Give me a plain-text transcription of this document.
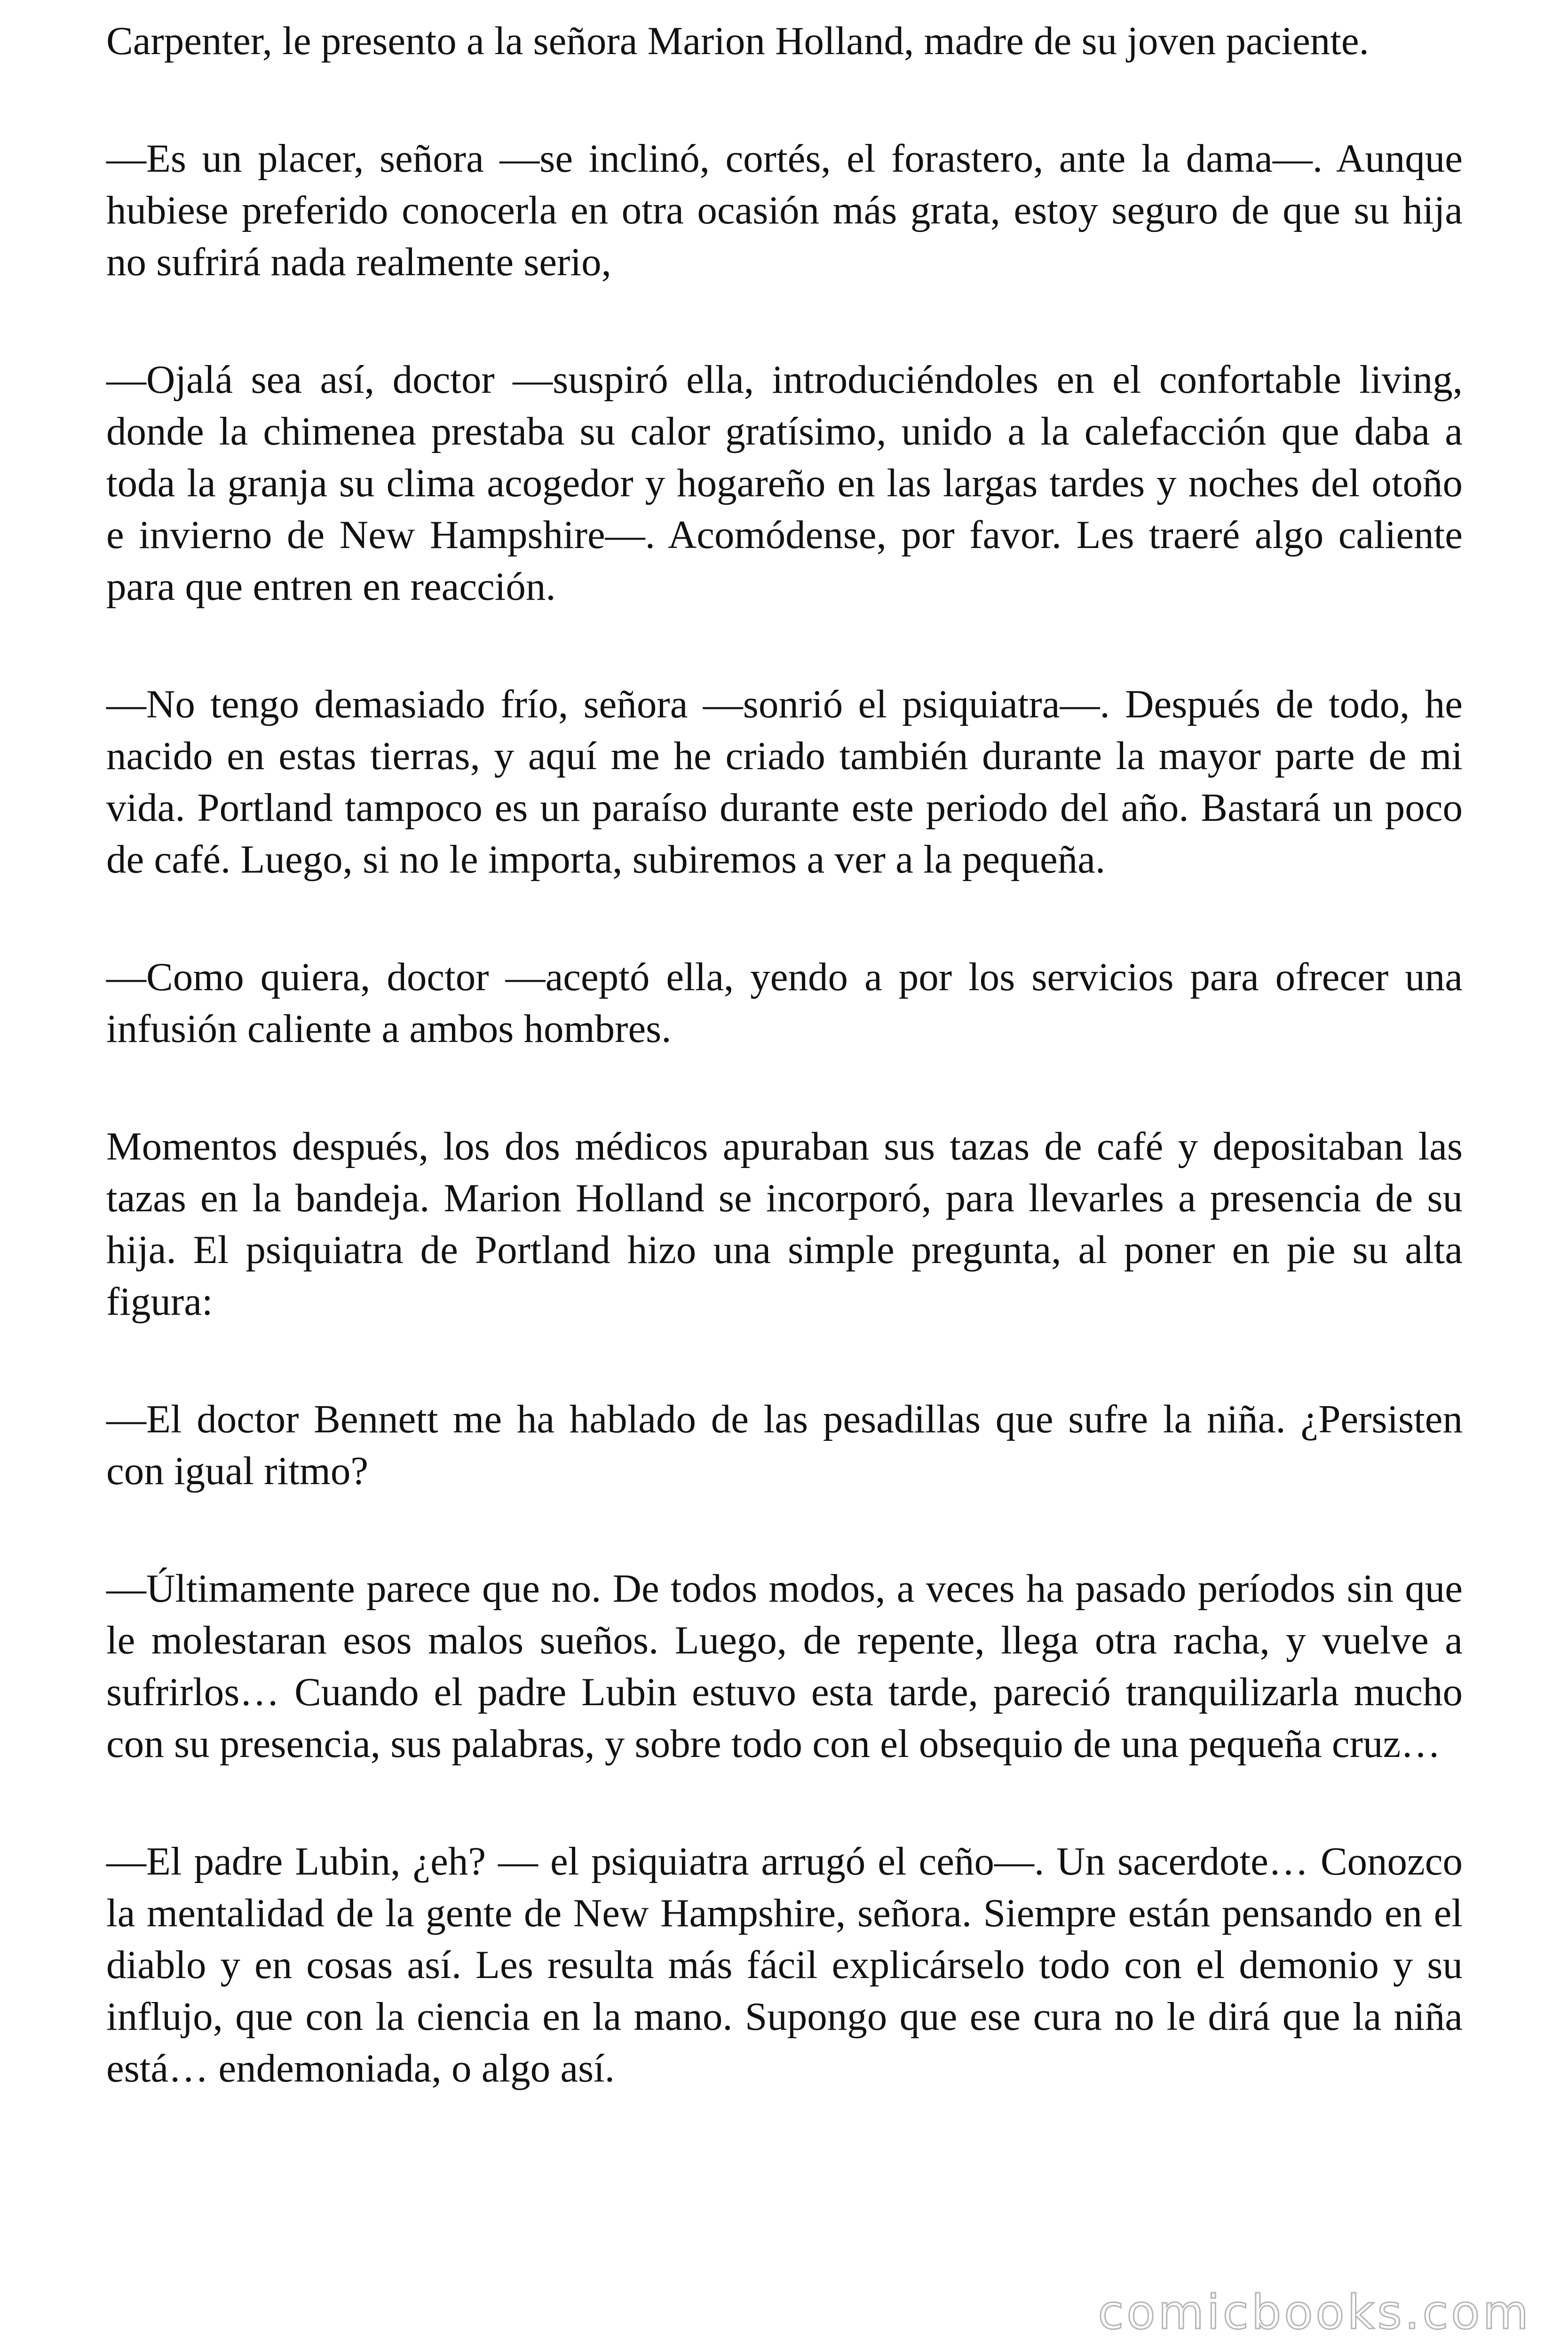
Carpenter, le presento a la señora Marion Holland, madre de su joven paciente.

—Es un placer, señora —se inclinó, cortés, el forastero, ante la dama—. Aunque hubiese preferido conocerla en otra ocasión más grata, estoy seguro de que su hija no sufrirá nada realmente serio,

—Ojalá sea así, doctor —suspiró ella, introduciéndoles en el confortable living, donde la chimenea prestaba su calor gratísimo, unido a la calefacción que daba a toda la granja su clima acogedor y hogareño en las largas tardes y noches del otoño e invierno de New Hampshire—. Acomódense, por favor. Les traeré algo caliente para que entren en reacción.

—No tengo demasiado frío, señora —sonrió el psiquiatra—. Después de todo, he nacido en estas tierras, y aquí me he criado también durante la mayor parte de mi vida. Portland tampoco es un paraíso durante este periodo del año. Bastará un poco de café. Luego, si no le importa, subiremos a ver a la pequeña.

—Como quiera, doctor —aceptó ella, yendo a por los servicios para ofrecer una infusión caliente a ambos hombres.

Momentos después, los dos médicos apuraban sus tazas de café y depositaban las tazas en la bandeja. Marion Holland se incorporó, para llevarles a presencia de su hija. El psiquiatra de Portland hizo una simple pregunta, al poner en pie su alta figura:

—El doctor Bennett me ha hablado de las pesadillas que sufre la niña. ¿Persisten con igual ritmo?

—Últimamente parece que no. De todos modos, a veces ha pasado períodos sin que le molestaran esos malos sueños. Luego, de repente, llega otra racha, y vuelve a sufrirlos… Cuando el padre Lubin estuvo esta tarde, pareció tranquilizarla mucho con su presencia, sus palabras, y sobre todo con el obsequio de una pequeña cruz…

—El padre Lubin, ¿eh? — el psiquiatra arrugó el ceño—. Un sacerdote… Conozco la mentalidad de la gente de New Hampshire, señora. Siempre están pensando en el diablo y en cosas así. Les resulta más fácil explicárselo todo con el demonio y su influjo, que con la ciencia en la mano. Supongo que ese cura no le dirá que la niña está… endemoniada, o algo así.

comicbooks.com
